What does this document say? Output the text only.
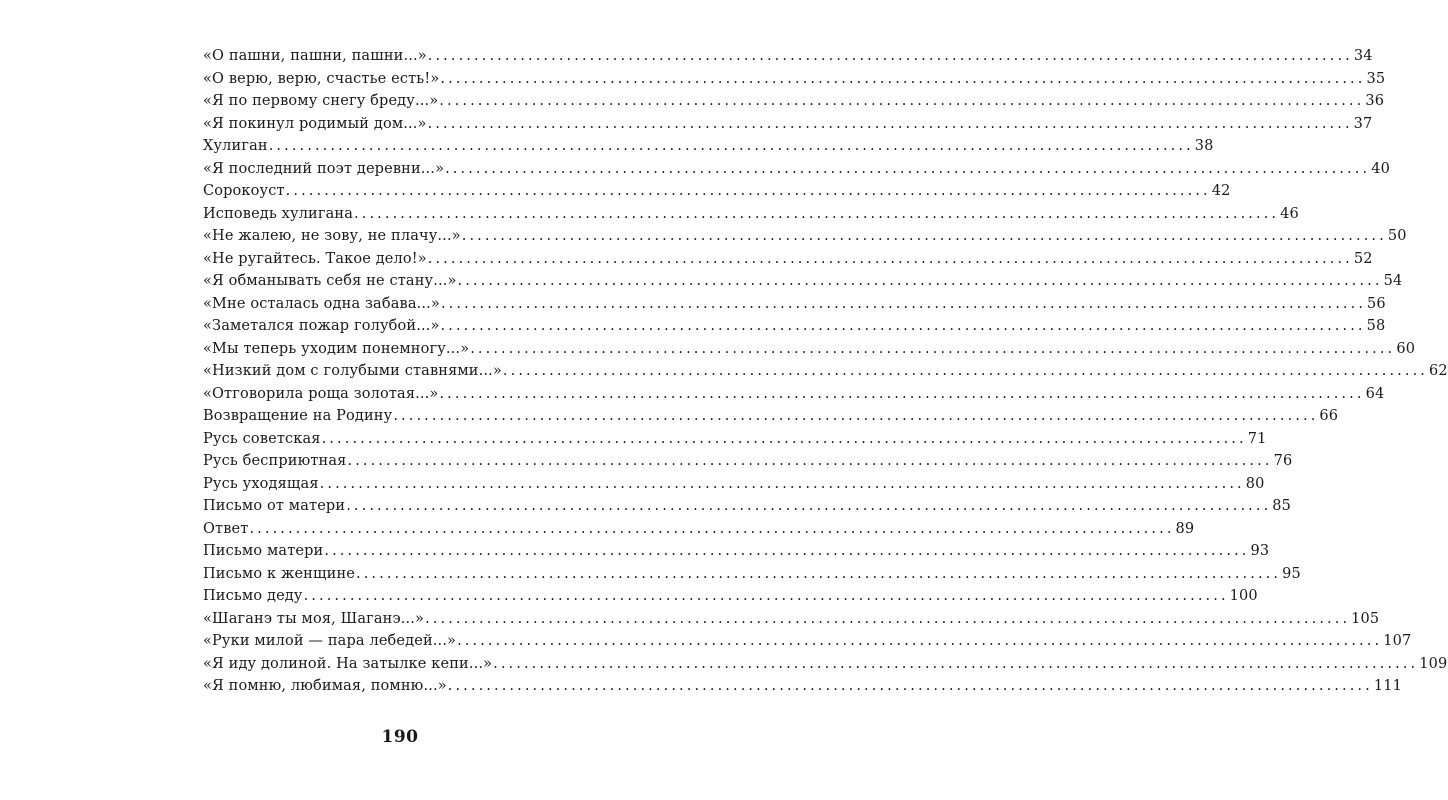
«О пашни, пашни, пашни...» ........................................................................................................................ 34
«О верю, верю, счастье есть!» ........................................................................................................................ 35
«Я по первому снегу бреду...» ........................................................................................................................ 36
«Я покинул родимый дом...» ........................................................................................................................ 37
Хулиган ........................................................................................................................ 38
«Я последний поэт деревни...» ........................................................................................................................ 40
Сорокоуст ........................................................................................................................ 42
Исповедь хулигана ........................................................................................................................ 46
«Не жалею, не зову, не плачу...» ........................................................................................................................ 50
«Не ругайтесь. Такое дело!» ........................................................................................................................ 52
«Я обманывать себя не стану...» ........................................................................................................................ 54
«Мне осталась одна забава...» ........................................................................................................................ 56
«Заметался пожар голубой...» ........................................................................................................................ 58
«Мы теперь уходим понемногу...» ........................................................................................................................ 60
«Низкий дом с голубыми ставнями...» ........................................................................................................................ 62
«Отговорила роща золотая...» ........................................................................................................................ 64
Возвращение на Родину ........................................................................................................................ 66
Русь советская ........................................................................................................................ 71
Русь бесприютная ........................................................................................................................ 76
Русь уходящая ........................................................................................................................ 80
Письмо от матери ........................................................................................................................ 85
Ответ ........................................................................................................................ 89
Письмо матери ........................................................................................................................ 93
Письмо к женщине ........................................................................................................................ 95
Письмо деду ........................................................................................................................ 100
«Шаганэ ты моя, Шаганэ...» ........................................................................................................................ 105
«Руки милой — пара лебедей...» ........................................................................................................................ 107
«Я иду долиной. На затылке кепи...» ........................................................................................................................ 109
«Я помню, любимая, помню...» ........................................................................................................................ 111
190
